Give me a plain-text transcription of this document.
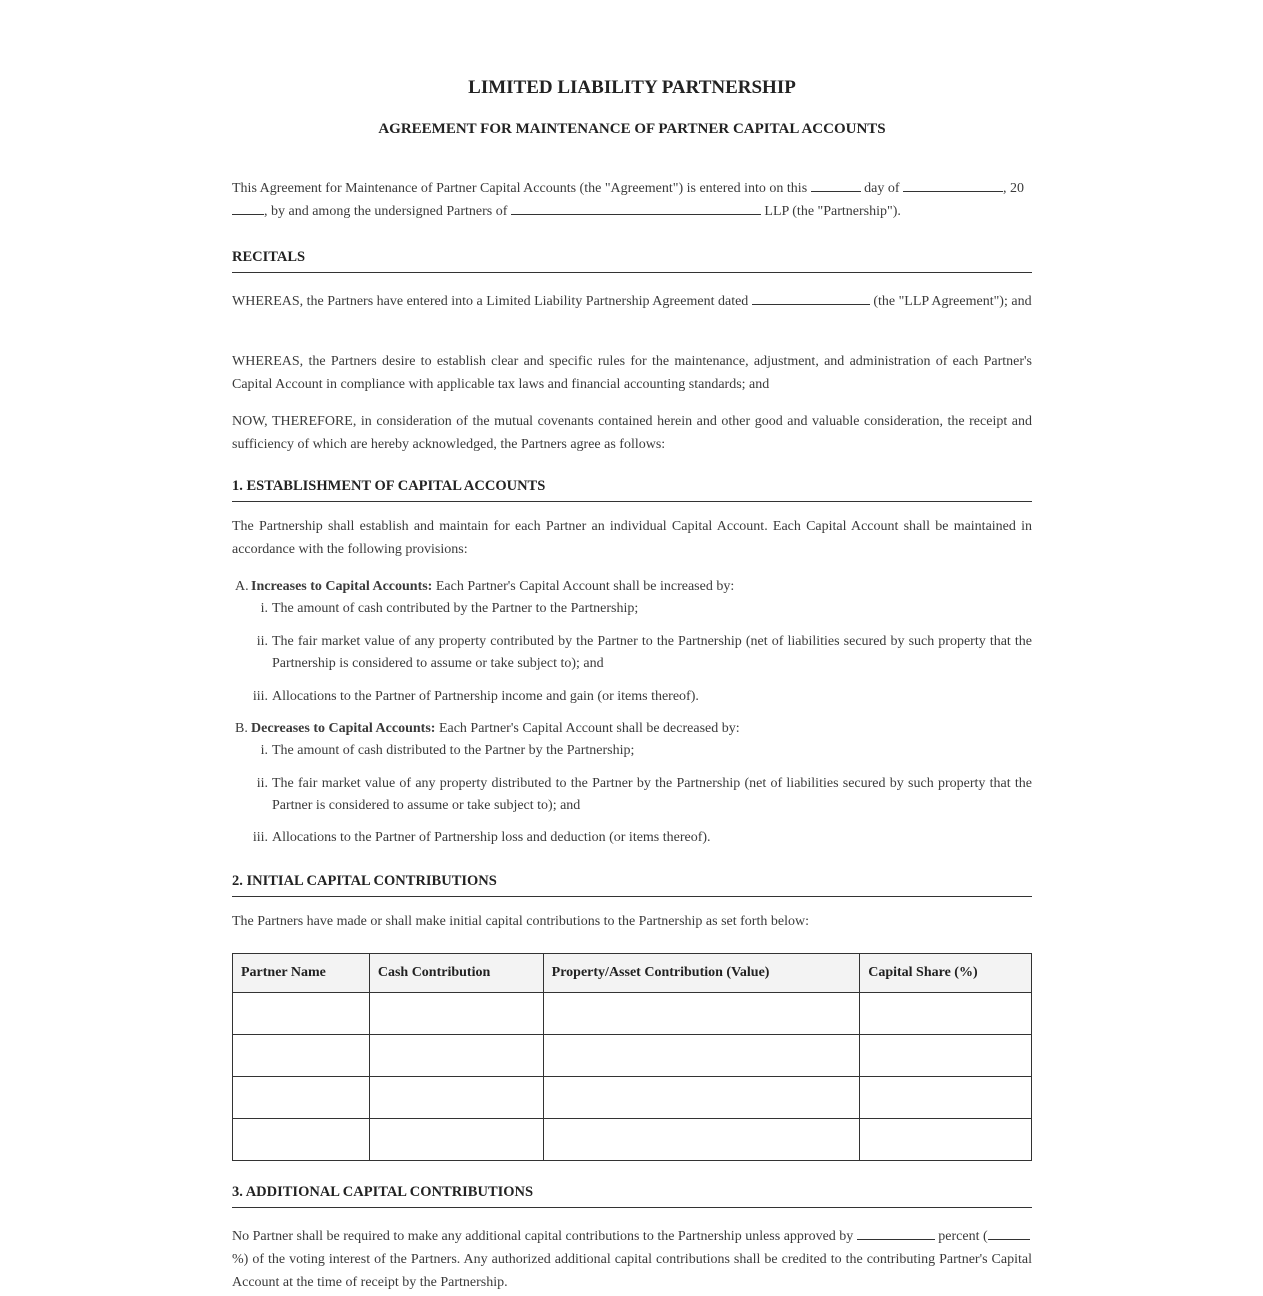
LIMITED LIABILITY PARTNERSHIP
AGREEMENT FOR MAINTENANCE OF PARTNER CAPITAL ACCOUNTS
This Agreement for Maintenance of Partner Capital Accounts (the "Agreement") is entered into on this	day of	, 20
, by and among the undersigned Partners of	LLP (the "Partnership").
RECITALS
WHEREAS, the Partners have entered into a Limited Liability Partnership Agreement dated	(the "LLP Agreement"); and
WHEREAS, the Partners desire to establish clear and specific rules for the maintenance, adjustment, and administration of each Partner's Capital Account in compliance with applicable tax laws and financial accounting standards; and
NOW, THEREFORE, in consideration of the mutual covenants contained herein and other good and valuable consideration, the receipt and sufficiency of which are hereby acknowledged, the Partners agree as follows:
1. ESTABLISHMENT OF CAPITAL ACCOUNTS
The Partnership shall establish and maintain for each Partner an individual Capital Account. Each Capital Account shall be maintained in accordance with the following provisions:
A. Increases to Capital Accounts: Each Partner's Capital Account shall be increased by:
i. The amount of cash contributed by the Partner to the Partnership;
ii. The fair market value of any property contributed by the Partner to the Partnership (net of liabilities secured by such property that the Partnership is considered to assume or take subject to); and
iii. Allocations to the Partner of Partnership income and gain (or items thereof).
B. Decreases to Capital Accounts: Each Partner's Capital Account shall be decreased by:
i. The amount of cash distributed to the Partner by the Partnership;
ii. The fair market value of any property distributed to the Partner by the Partnership (net of liabilities secured by such property that the Partner is considered to assume or take subject to); and
iii. Allocations to the Partner of Partnership loss and deduction (or items thereof).
2. INITIAL CAPITAL CONTRIBUTIONS
The Partners have made or shall make initial capital contributions to the Partnership as set forth below:
Partner Name	Cash Contribution	Property/Asset Contribution (Value)	Capital Share (%)

3. ADDITIONAL CAPITAL CONTRIBUTIONS
No Partner shall be required to make any additional capital contributions to the Partnership unless approved by	percent (
%) of the voting interest of the Partners. Any authorized additional capital contributions shall be credited to the contributing Partner's Capital Account at the time of receipt by the Partnership.
